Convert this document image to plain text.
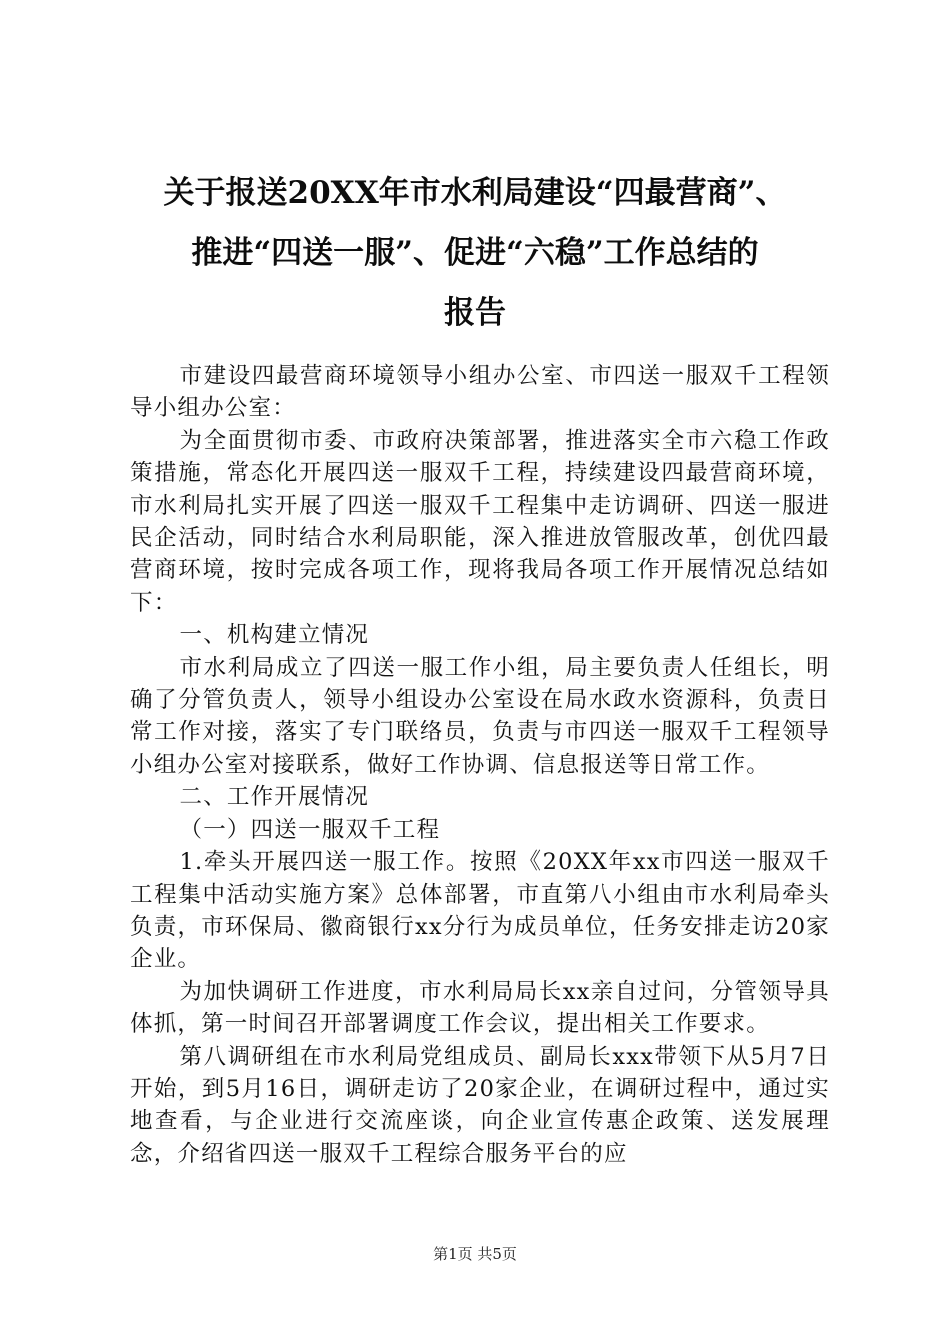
关于报送20XX年市水利局建设“四最营商”、
推进“四送一服”、促进“六稳”工作总结的
报告

市建设四最营商环境领导小组办公室、市四送一服双千工程领导小组办公室：

为全面贯彻市委、市政府决策部署，推进落实全市六稳工作政策措施，常态化开展四送一服双千工程，持续建设四最营商环境，市水利局扎实开展了四送一服双千工程集中走访调研、四送一服进民企活动，同时结合水利局职能，深入推进放管服改革，创优四最营商环境，按时完成各项工作，现将我局各项工作开展情况总结如下：

一、机构建立情况

市水利局成立了四送一服工作小组，局主要负责人任组长，明确了分管负责人，领导小组设办公室设在局水政水资源科，负责日常工作对接，落实了专门联络员，负责与市四送一服双千工程领导小组办公室对接联系，做好工作协调、信息报送等日常工作。

二、工作开展情况

（一）四送一服双千工程

1.牵头开展四送一服工作。按照《20XX年xx市四送一服双千工程集中活动实施方案》总体部署，市直第八小组由市水利局牵头负责，市环保局、徽商银行xx分行为成员单位，任务安排走访20家企业。

为加快调研工作进度，市水利局局长xx亲自过问，分管领导具体抓，第一时间召开部署调度工作会议，提出相关工作要求。

第八调研组在市水利局党组成员、副局长xxx带领下从5月7日开始，到5月16日，调研走访了20家企业，在调研过程中，通过实地查看，与企业进行交流座谈，向企业宣传惠企政策、送发展理念，介绍省四送一服双千工程综合服务平台的应

第1页 共5页
